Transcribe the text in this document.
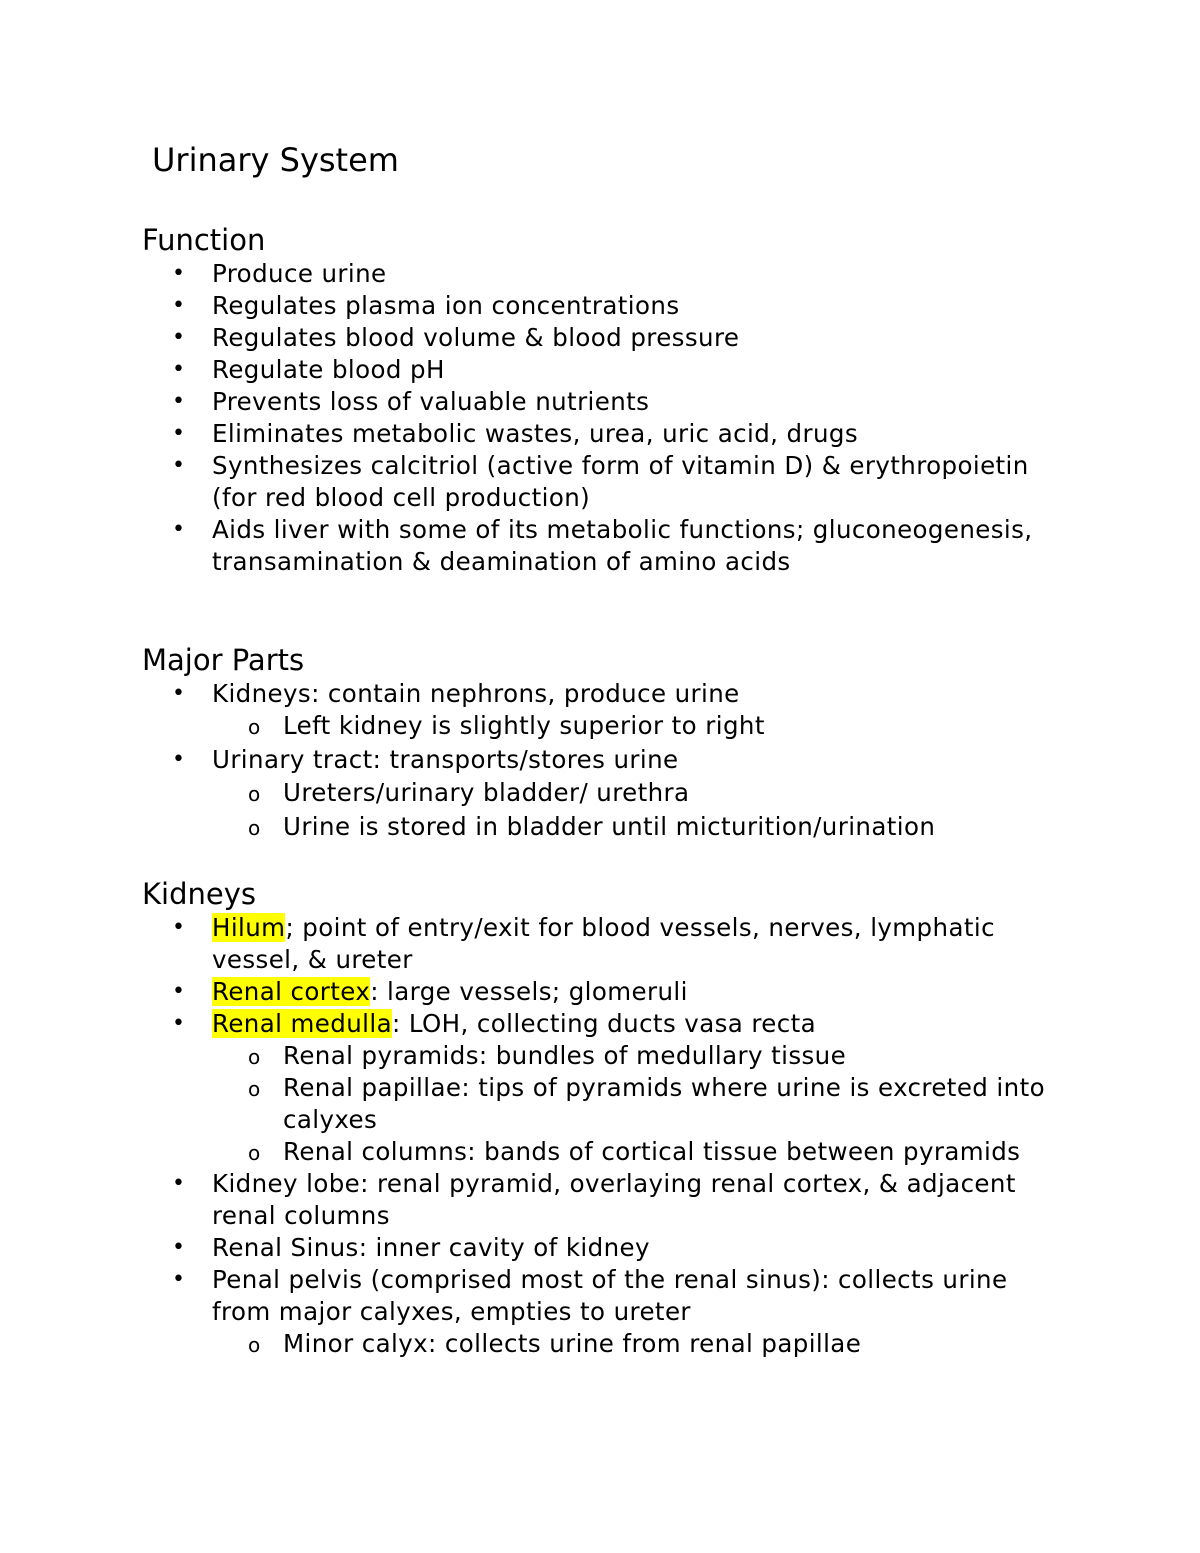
Urinary System
Function
• Produce urine
• Regulates plasma ion concentrations
• Regulates blood volume & blood pressure
• Regulate blood pH
• Prevents loss of valuable nutrients
• Eliminates metabolic wastes, urea, uric acid, drugs
• Synthesizes calcitriol (active form of vitamin D) & erythropoietin (for red blood cell production)
• Aids liver with some of its metabolic functions; gluconeogenesis, transamination & deamination of amino acids
Major Parts
• Kidneys: contain nephrons, produce urine
o Left kidney is slightly superior to right
• Urinary tract: transports/stores urine
o Ureters/urinary bladder/ urethra
o Urine is stored in bladder until micturition/urination
Kidneys
• Hilum; point of entry/exit for blood vessels, nerves, lymphatic vessel, & ureter
• Renal cortex: large vessels; glomeruli
• Renal medulla: LOH, collecting ducts vasa recta
o Renal pyramids: bundles of medullary tissue
o Renal papillae: tips of pyramids where urine is excreted into calyxes
o Renal columns: bands of cortical tissue between pyramids
• Kidney lobe: renal pyramid, overlaying renal cortex, & adjacent renal columns
• Renal Sinus: inner cavity of kidney
• Penal pelvis (comprised most of the renal sinus): collects urine from major calyxes, empties to ureter
o Minor calyx: collects urine from renal papillae
